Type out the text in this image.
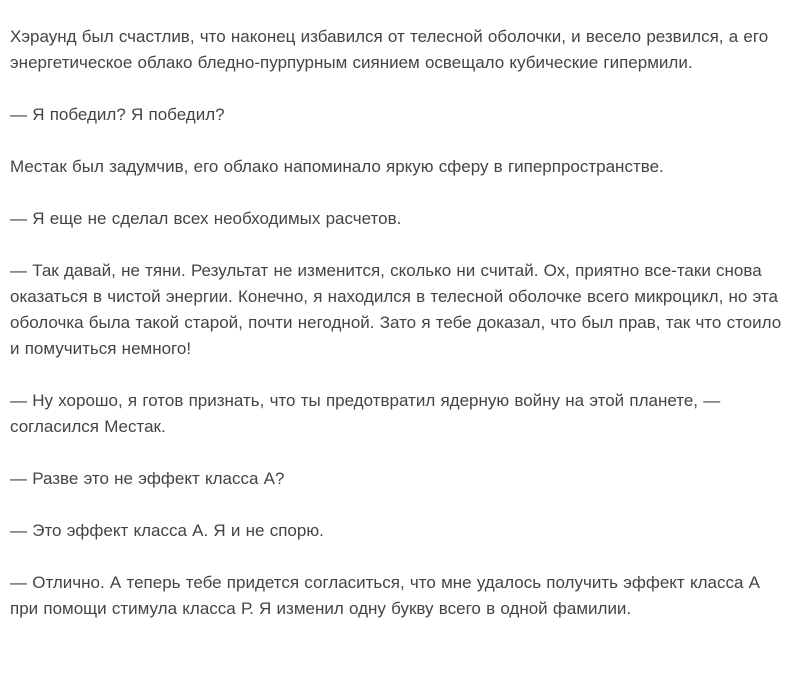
Хэраунд был счастлив, что наконец избавился от телесной оболочки, и весело резвился, а его энергетическое облако бледно-пурпурным сиянием освещало кубические гипермили.

— Я победил? Я победил?

Местак был задумчив, его облако напоминало яркую сферу в гиперпространстве.

— Я еще не сделал всех необходимых расчетов.

— Так давай, не тяни. Результат не изменится, сколько ни считай. Ох, приятно все-таки снова оказаться в чистой энергии. Конечно, я находился в телесной оболочке всего микроцикл, но эта оболочка была такой старой, почти негодной. Зато я тебе доказал, что был прав, так что стоило и помучиться немного!

— Ну хорошо, я готов признать, что ты предотвратил ядерную войну на этой планете, — согласился Местак.

— Разве это не эффект класса А?

— Это эффект класса А. Я и не спорю.

— Отлично. А теперь тебе придется согласиться, что мне удалось получить эффект класса А при помощи стимула класса Р. Я изменил одну букву всего в одной фамилии.
